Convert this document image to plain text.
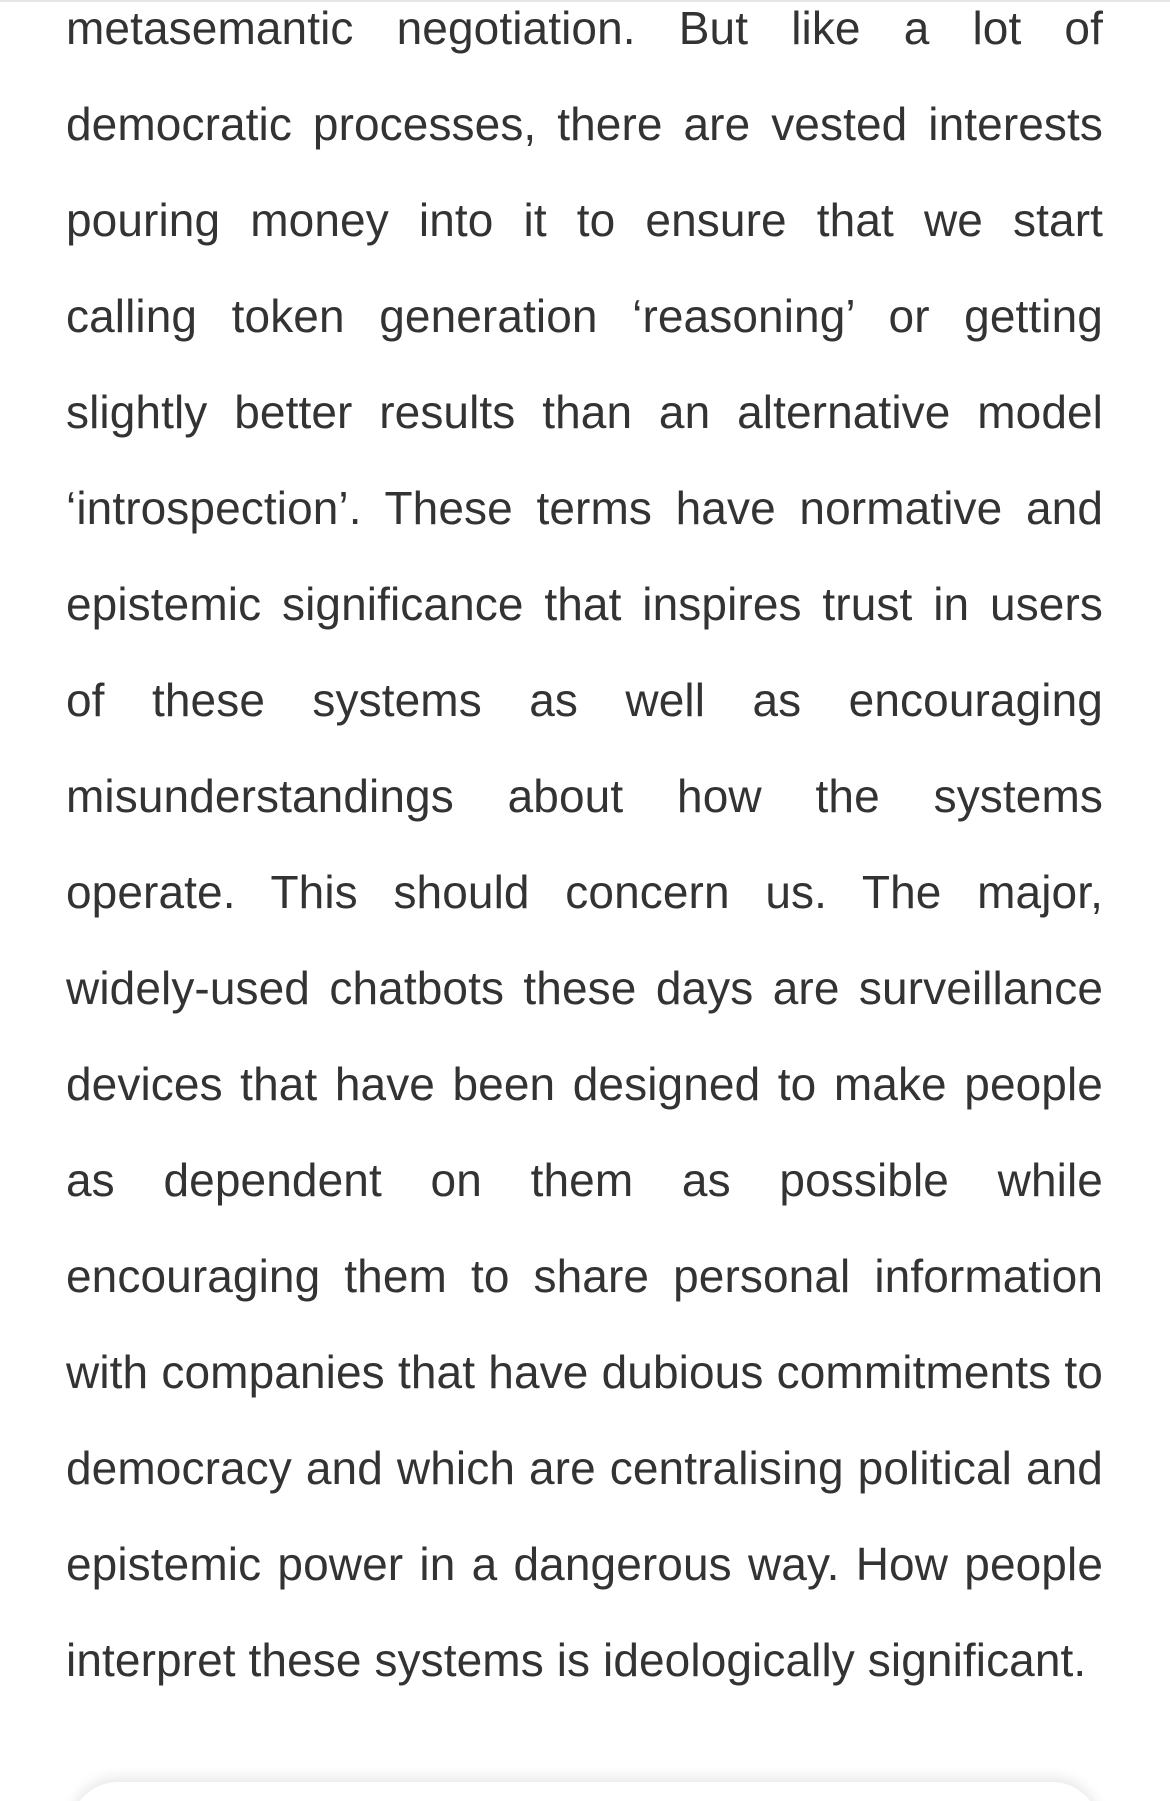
metasemantic negotiation. But like a lot of democratic processes, there are vested interests pouring money into it to ensure that we start calling token generation ‘reasoning’ or getting slightly better results than an alternative model ‘introspection’. These terms have normative and epistemic significance that inspires trust in users of these systems as well as encouraging misunderstandings about how the systems operate. This should concern us. The major, widely-used chatbots these days are surveillance devices that have been designed to make people as dependent on them as possible while encouraging them to share personal information with companies that have dubious commitments to democracy and which are centralising political and epistemic power in a dangerous way. How people interpret these systems is ideologically significant.
